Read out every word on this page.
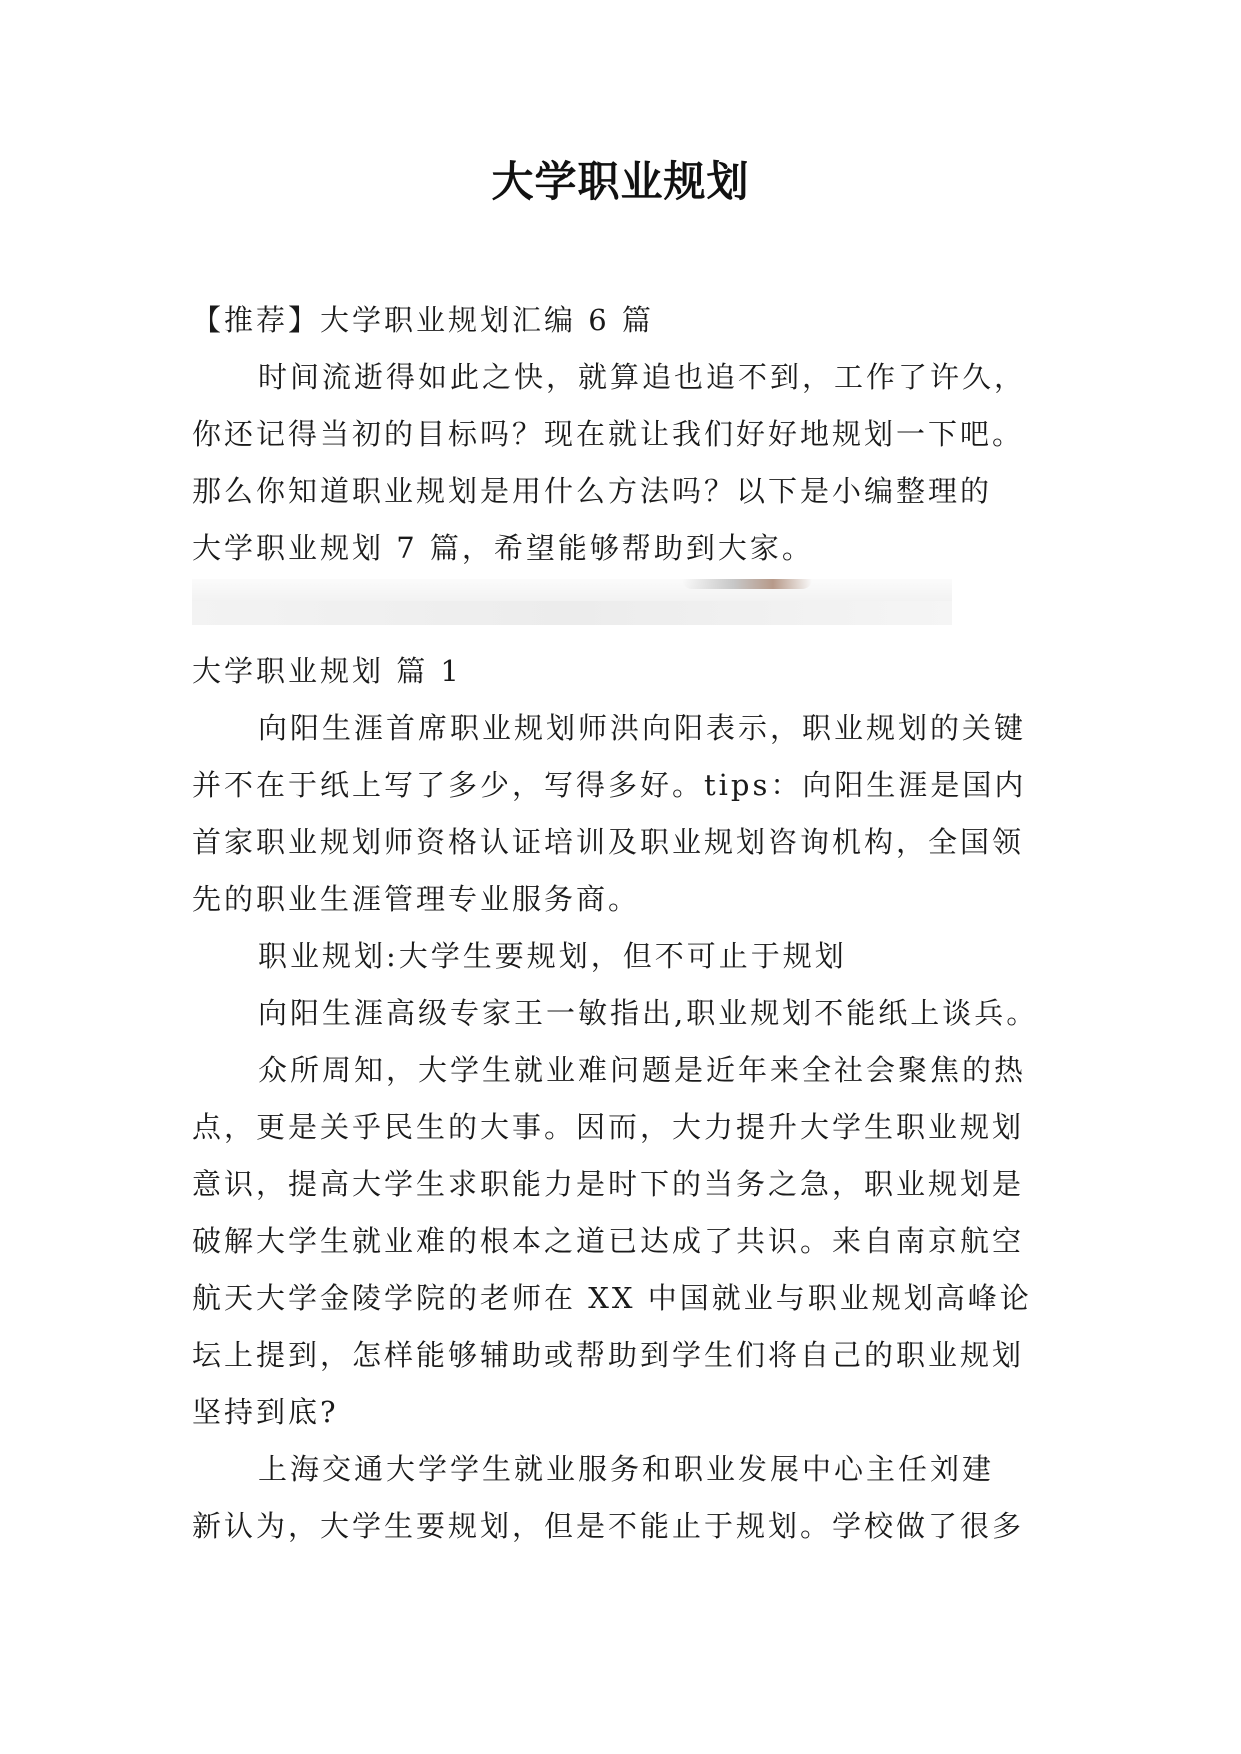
大学职业规划
【推荐】大学职业规划汇编 6 篇
时间流逝得如此之快，就算追也追不到，工作了许久，
你还记得当初的目标吗？现在就让我们好好地规划一下吧。
那么你知道职业规划是用什么方法吗？以下是小编整理的
大学职业规划 7 篇，希望能够帮助到大家。
大学职业规划 篇 1
向阳生涯首席职业规划师洪向阳表示，职业规划的关键
并不在于纸上写了多少，写得多好。tips：向阳生涯是国内
首家职业规划师资格认证培训及职业规划咨询机构，全国领
先的职业生涯管理专业服务商。
职业规划:大学生要规划，但不可止于规划
向阳生涯高级专家王一敏指出,职业规划不能纸上谈兵。
众所周知，大学生就业难问题是近年来全社会聚焦的热
点，更是关乎民生的大事。因而，大力提升大学生职业规划
意识，提高大学生求职能力是时下的当务之急，职业规划是
破解大学生就业难的根本之道已达成了共识。来自南京航空
航天大学金陵学院的老师在 XX 中国就业与职业规划高峰论
坛上提到，怎样能够辅助或帮助到学生们将自己的职业规划
坚持到底?
上海交通大学学生就业服务和职业发展中心主任刘建
新认为，大学生要规划，但是不能止于规划。学校做了很多
